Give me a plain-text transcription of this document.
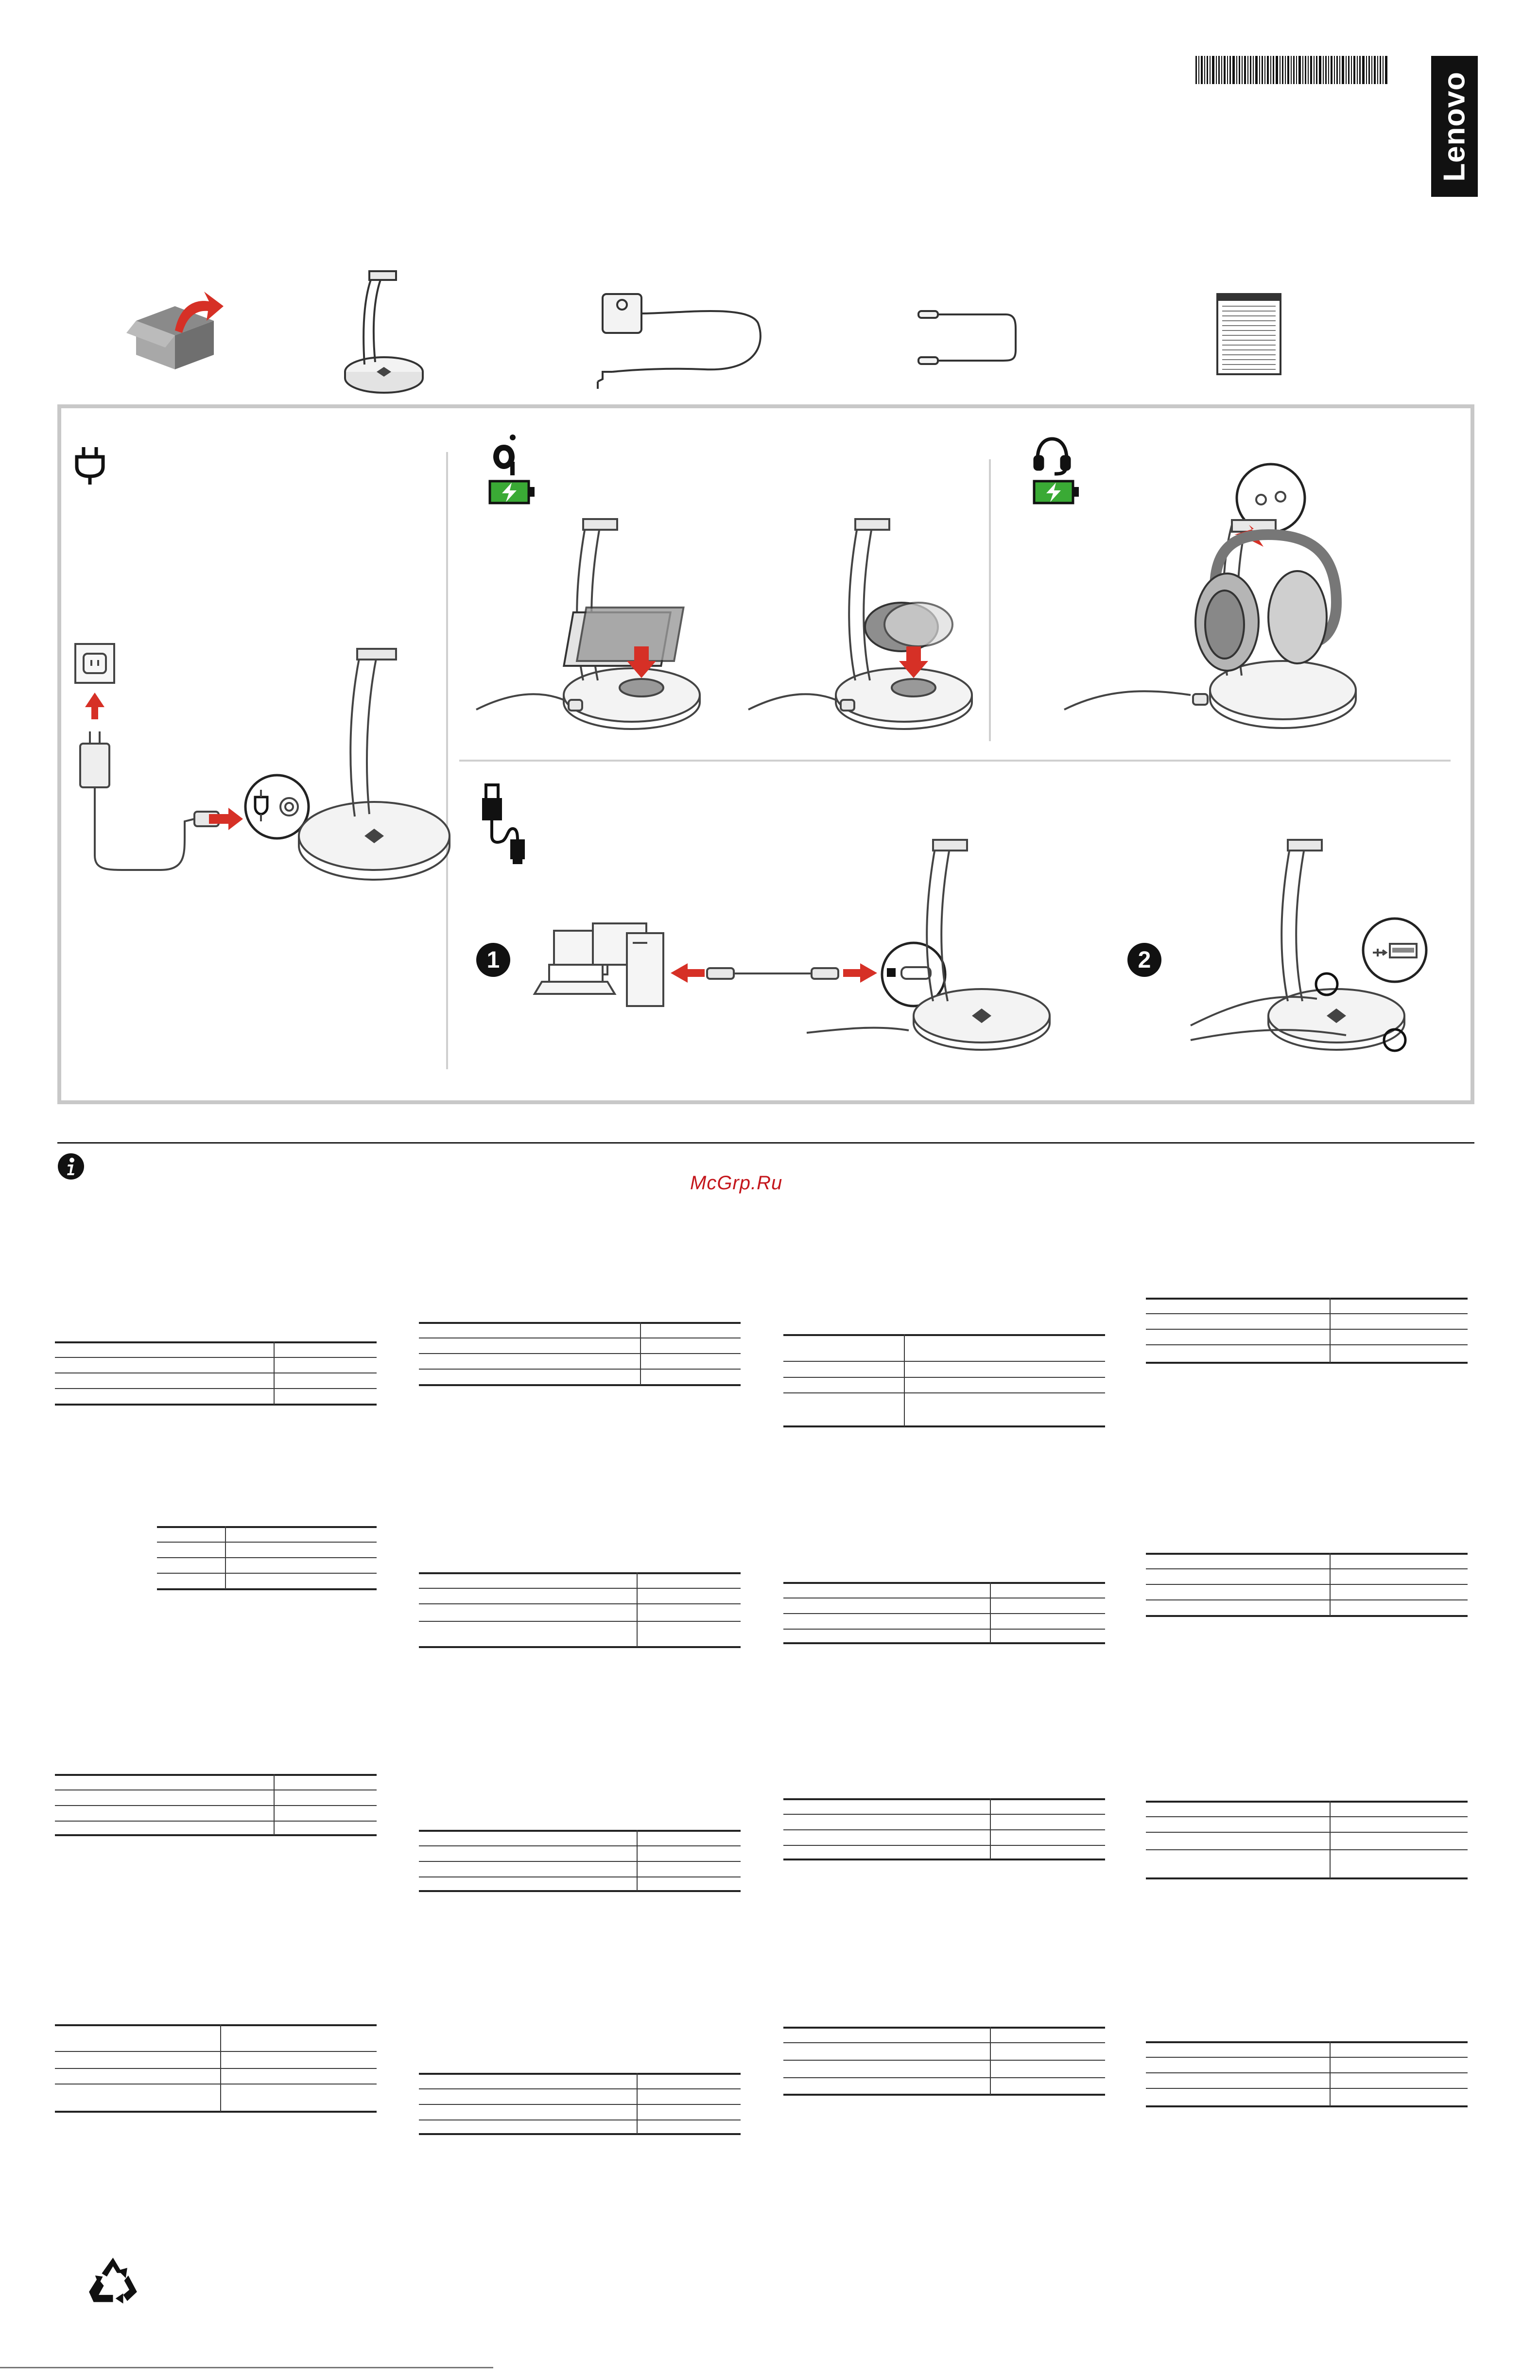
Lenovo
1	2
McGrp.Ru
